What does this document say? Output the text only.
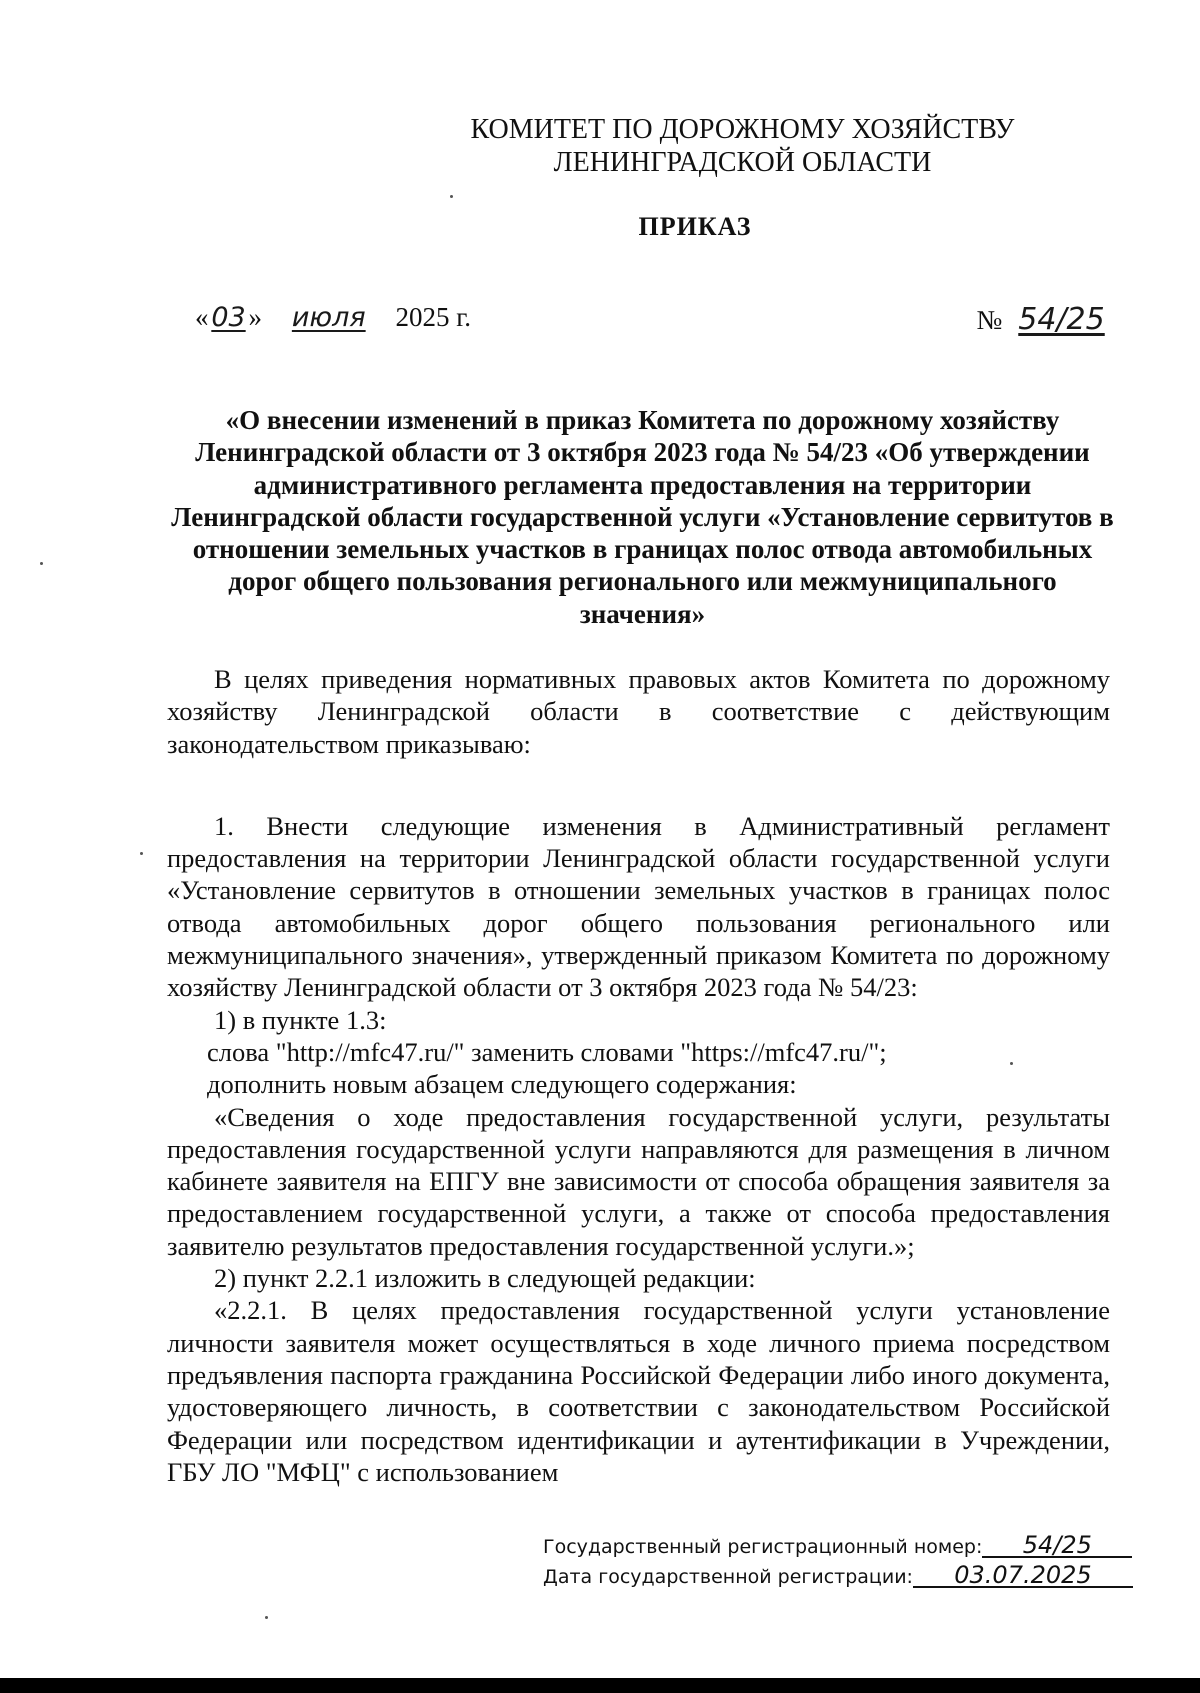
КОМИТЕТ ПО ДОРОЖНОМУ ХОЗЯЙСТВУ
ЛЕНИНГРАДСКОЙ ОБЛАСТИ
ПРИКАЗ
« 03 » июля 2025 г.	№ 54/25
«О внесении изменений в приказ Комитета по дорожному хозяйству Ленинградской области от 3 октября 2023 года № 54/23 «Об утверждении административного регламента предоставления на территории Ленинградской области государственной услуги «Установление сервитутов в отношении земельных участков в границах полос отвода автомобильных дорог общего пользования регионального или межмуниципального значения»

В целях приведения нормативных правовых актов Комитета по дорожному хозяйству Ленинградской области в соответствие с действующим законодательством приказываю:

1. Внести следующие изменения в Административный регламент предоставления на территории Ленинградской области государственной услуги «Установление сервитутов в отношении земельных участков в границах полос отвода автомобильных дорог общего пользования регионального или межмуниципального значения», утвержденный приказом Комитета по дорожному хозяйству Ленинградской области от 3 октября 2023 года № 54/23:

1) в пункте 1.3:

слова "http://mfc47.ru/" заменить словами "https://mfc47.ru/";

дополнить новым абзацем следующего содержания:

«Сведения о ходе предоставления государственной услуги, результаты предоставления государственной услуги направляются для размещения в личном кабинете заявителя на ЕПГУ вне зависимости от способа обращения заявителя за предоставлением государственной услуги, а также от способа предоставления заявителю результатов предоставления государственной услуги.»;

2) пункт 2.2.1 изложить в следующей редакции:

«2.2.1. В целях предоставления государственной услуги установление личности заявителя может осуществляться в ходе личного приема посредством предъявления паспорта гражданина Российской Федерации либо иного документа, удостоверяющего личность, в соответствии с законодательством Российской Федерации или посредством идентификации и аутентификации в Учреждении, ГБУ ЛО "МФЦ" с использованием

Государственный регистрационный номер: 54/25
Дата государственной регистрации: 03.07.2025
